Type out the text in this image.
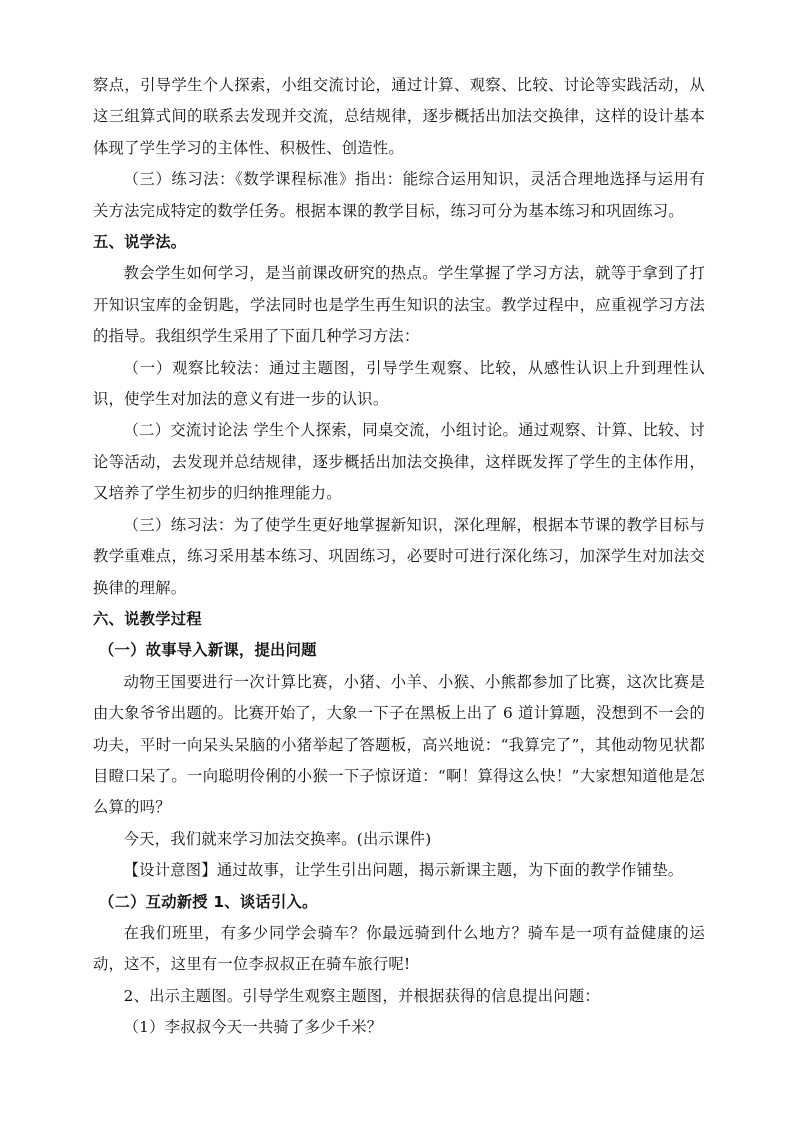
察点，引导学生个人探索，小组交流讨论，通过计算、观察、比较、讨论等实践活动，从这三组算式间的联系去发现并交流，总结规律，逐步概括出加法交换律，这样的设计基本体现了学生学习的主体性、积极性、创造性。

（三）练习法：《数学课程标准》指出：能综合运用知识，灵活合理地选择与运用有关方法完成特定的数学任务。根据本课的教学目标，练习可分为基本练习和巩固练习。

五、说学法。

教会学生如何学习，是当前课改研究的热点。学生掌握了学习方法，就等于拿到了打开知识宝库的金钥匙，学法同时也是学生再生知识的法宝。教学过程中，应重视学习方法的指导。我组织学生采用了下面几种学习方法：

（一）观察比较法：通过主题图，引导学生观察、比较，从感性认识上升到理性认识，使学生对加法的意义有进一步的认识。

（二）交流讨论法 学生个人探索，同桌交流，小组讨论。通过观察、计算、比较、讨论等活动，去发现并总结规律，逐步概括出加法交换律，这样既发挥了学生的主体作用，又培养了学生初步的归纳推理能力。

（三）练习法：为了使学生更好地掌握新知识，深化理解，根据本节课的教学目标与教学重难点，练习采用基本练习、巩固练习，必要时可进行深化练习，加深学生对加法交换律的理解。

六、说教学过程

（一）故事导入新课，提出问题

动物王国要进行一次计算比赛，小猪、小羊、小猴、小熊都参加了比赛，这次比赛是由大象爷爷出题的。比赛开始了，大象一下子在黑板上出了 6 道计算题，没想到不一会的功夫，平时一向呆头呆脑的小猪举起了答题板，高兴地说：“我算完了”，其他动物见状都目瞪口呆了。一向聪明伶俐的小猴一下子惊讶道：“啊！算得这么快！”大家想知道他是怎么算的吗？

今天，我们就来学习加法交换率。(出示课件)

【设计意图】通过故事，让学生引出问题，揭示新课主题，为下面的教学作铺垫。

（二）互动新授 1、谈话引入。

在我们班里，有多少同学会骑车？你最远骑到什么地方？骑车是一项有益健康的运动，这不，这里有一位李叔叔正在骑车旅行呢!

2、出示主题图。引导学生观察主题图，并根据获得的信息提出问题：

（1）李叔叔今天一共骑了多少千米？
